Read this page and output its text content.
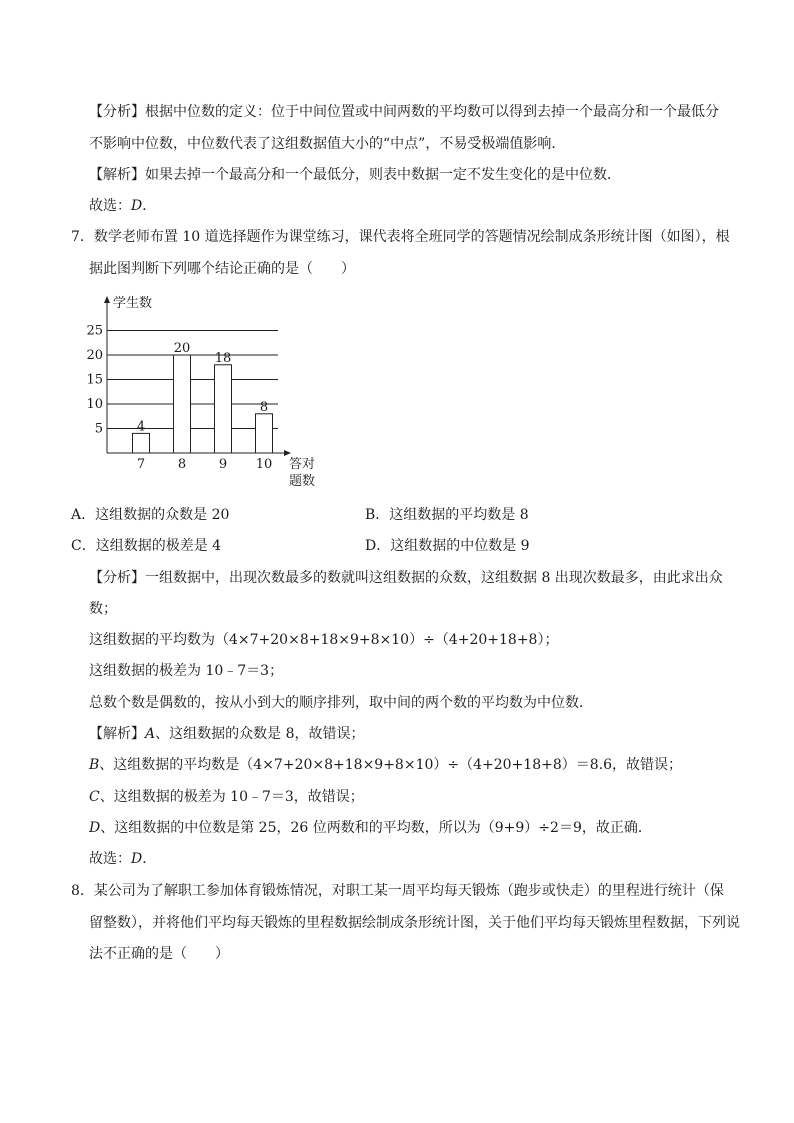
【分析】根据中位数的定义：位于中间位置或中间两数的平均数可以得到去掉一个最高分和一个最低分
不影响中位数，中位数代表了这组数据值大小的“中点”，不易受极端值影响．
【解析】如果去掉一个最高分和一个最低分，则表中数据一定不发生变化的是中位数．
故选：D．
7．数学老师布置 10 道选择题作为课堂练习，课代表将全班同学的答题情况绘制成条形统计图（如图），根
据此图判断下列哪个结论正确的是（　　）
5
10
15
20
25
学生数
4
7
20
8
18
9
8
10 答对
题数
A．这组数据的众数是 20	B．这组数据的平均数是 8
C．这组数据的极差是 4	D．这组数据的中位数是 9
【分析】一组数据中，出现次数最多的数就叫这组数据的众数，这组数据 8 出现次数最多，由此求出众
数；
这组数据的平均数为（4×7+20×8+18×9+8×10）÷（4+20+18+8）；
这组数据的极差为 10﹣7＝3；
总数个数是偶数的，按从小到大的顺序排列，取中间的两个数的平均数为中位数．
【解析】A、这组数据的众数是 8，故错误；
B、这组数据的平均数是（4×7+20×8+18×9+8×10）÷（4+20+18+8）＝8.6，故错误；
C、这组数据的极差为 10﹣7＝3，故错误；
D、这组数据的中位数是第 25，26 位两数和的平均数，所以为（9+9）÷2＝9，故正确．
故选：D．
8．某公司为了解职工参加体育锻炼情况，对职工某一周平均每天锻炼（跑步或快走）的里程进行统计（保
留整数），并将他们平均每天锻炼的里程数据绘制成条形统计图，关于他们平均每天锻炼里程数据，下列说
法不正确的是（　　）
